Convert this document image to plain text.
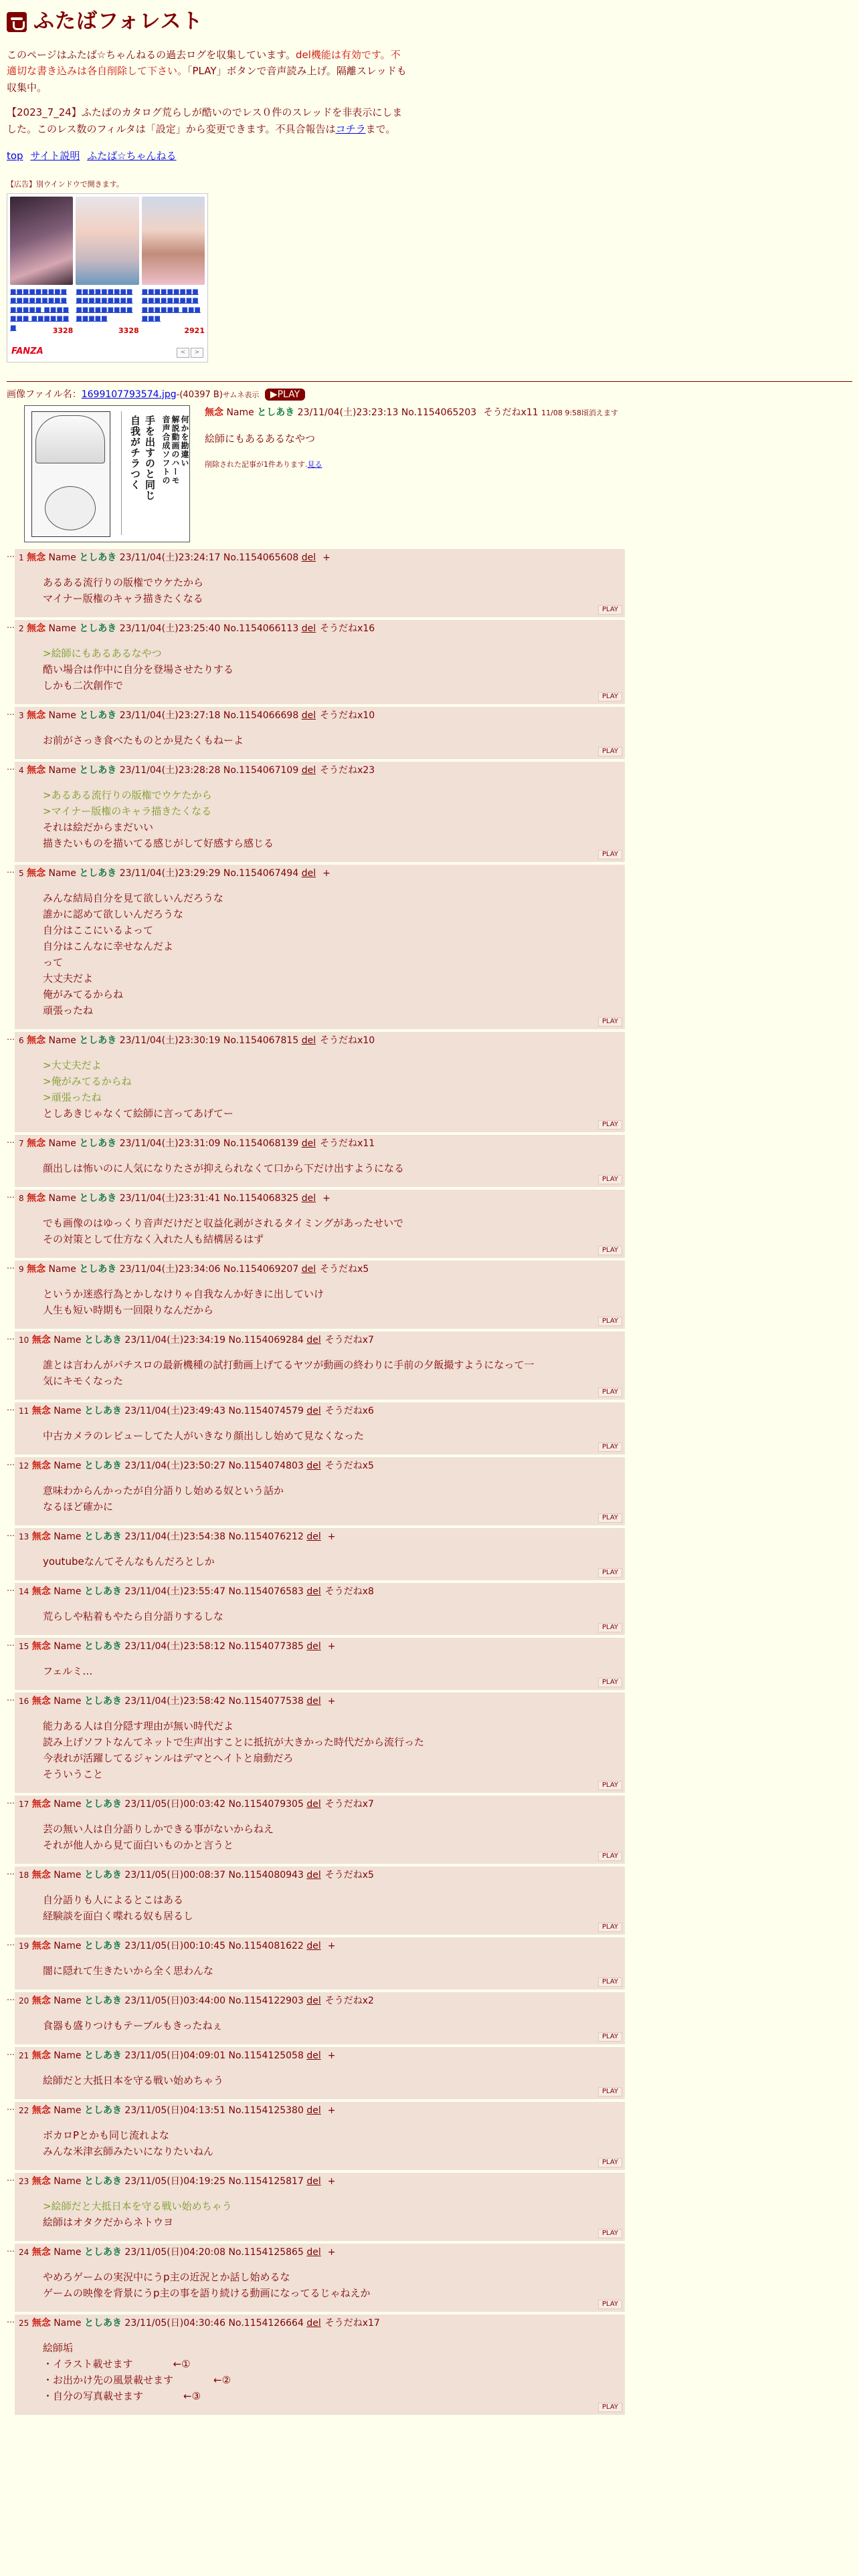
ふたばフォレスト

このページはふたば☆ちゃんねるの過去ログを収集しています。del機能は有効です。不適切な書き込みは各自削除して下さい。「PLAY」ボタンで音声読み上げ。隔離スレッドも収集中。

【2023_7_24】ふたばのカタログ荒らしが酷いのでレス０件のスレッドを非表示にしました。このレス数のフィルタは「設定」から変更できます。不具合報告はコチラまで。

top サイト説明 ふたば☆ちゃんねる
【広告】別ウインドウで開きます。
■■■■■■■■■■■■■■■■■■■■■■■ ■■■■■■■ ■■■■■■■	3328
■■■■■■■■■■■■■■■■■■■■■■■■■■■■■■■■
3328
■■■■■■■■■■■■■■■■■■■■■■■■ ■■■■■■
2921
FANZA	<	>
画像ファイル名：1699107793574.jpg-(40397 B)サムネ表示 ▶PLAY
自我がチラつく 手を出すのと同じ 音声合成ソフトの 解説動画のハーモ 何かを勘違い
無念 Name としあき 23/11/04(土)23:23:13 No.1154065203 そうだねx11 11/08 9:58頃消えます
絵師にもあるあるなやつ
削除された記事が1件あります.見る
… 1 無念 Name としあき 23/11/04(土)23:24:17 No.1154065608 del +
あるある流行りの版権でウケたから
マイナー版権のキャラ描きたくなる
PLAY
… 2 無念 Name としあき 23/11/04(土)23:25:40 No.1154066113 del そうだねx16
>絵師にもあるあるなやつ
酷い場合は作中に自分を登場させたりする
しかも二次創作で
PLAY
… 3 無念 Name としあき 23/11/04(土)23:27:18 No.1154066698 del そうだねx10
お前がさっき食べたものとか見たくもねーよ
PLAY
… 4 無念 Name としあき 23/11/04(土)23:28:28 No.1154067109 del そうだねx23
>あるある流行りの版権でウケたから
>マイナー版権のキャラ描きたくなる
それは絵だからまだいい
描きたいものを描いてる感じがして好感すら感じる
PLAY
… 5 無念 Name としあき 23/11/04(土)23:29:29 No.1154067494 del +
みんな結局自分を見て欲しいんだろうな
誰かに認めて欲しいんだろうな
自分はここにいるよって
自分はこんなに幸せなんだよ
って
大丈夫だよ
俺がみてるからね
頑張ったね
PLAY
… 6 無念 Name としあき 23/11/04(土)23:30:19 No.1154067815 del そうだねx10
>大丈夫だよ
>俺がみてるからね
>頑張ったね
としあきじゃなくて絵師に言ってあげてー
PLAY
… 7 無念 Name としあき 23/11/04(土)23:31:09 No.1154068139 del そうだねx11
顔出しは怖いのに人気になりたさが抑えられなくて口から下だけ出すようになる
PLAY
… 8 無念 Name としあき 23/11/04(土)23:31:41 No.1154068325 del +
でも画像のはゆっくり音声だけだと収益化剥がされるタイミングがあったせいで
その対策として仕方なく入れた人も結構居るはず
PLAY
… 9 無念 Name としあき 23/11/04(土)23:34:06 No.1154069207 del そうだねx5
というか迷惑行為とかしなけりゃ自我なんか好きに出していけ
人生も短い時期も一回限りなんだから
PLAY
… 10 無念 Name としあき 23/11/04(土)23:34:19 No.1154069284 del そうだねx7
誰とは言わんがパチスロの最新機種の試打動画上げてるヤツが動画の終わりに手前の夕飯撮すようになって一
気にキモくなった
PLAY
… 11 無念 Name としあき 23/11/04(土)23:49:43 No.1154074579 del そうだねx6
中古カメラのレビューしてた人がいきなり顔出しし始めて見なくなった
PLAY
… 12 無念 Name としあき 23/11/04(土)23:50:27 No.1154074803 del そうだねx5
意味わからんかったが自分語りし始める奴という話か
なるほど確かに
PLAY
… 13 無念 Name としあき 23/11/04(土)23:54:38 No.1154076212 del +
youtubeなんてそんなもんだろとしか
PLAY
… 14 無念 Name としあき 23/11/04(土)23:55:47 No.1154076583 del そうだねx8
荒らしや粘着もやたら自分語りするしな
PLAY
… 15 無念 Name としあき 23/11/04(土)23:58:12 No.1154077385 del +
フェルミ…
PLAY
… 16 無念 Name としあき 23/11/04(土)23:58:42 No.1154077538 del +
能力ある人は自分隠す理由が無い時代だよ
読み上げソフトなんてネットで生声出すことに抵抗が大きかった時代だから流行った
今表れが活躍してるジャンルはデマとヘイトと扇動だろ
そういうこと
PLAY
… 17 無念 Name としあき 23/11/05(日)00:03:42 No.1154079305 del そうだねx7
芸の無い人は自分語りしかできる事がないからねえ
それが他人から見て面白いものかと言うと
PLAY
… 18 無念 Name としあき 23/11/05(日)00:08:37 No.1154080943 del そうだねx5
自分語りも人によるとこはある
経験談を面白く喋れる奴も居るし
PLAY
… 19 無念 Name としあき 23/11/05(日)00:10:45 No.1154081622 del +
闇に隠れて生きたいから全く思わんな
PLAY
… 20 無念 Name としあき 23/11/05(日)03:44:00 No.1154122903 del そうだねx2
食器も盛りつけもテーブルもきったねぇ
PLAY
… 21 無念 Name としあき 23/11/05(日)04:09:01 No.1154125058 del +
絵師だと大抵日本を守る戦い始めちゃう
PLAY
… 22 無念 Name としあき 23/11/05(日)04:13:51 No.1154125380 del +
ボカロPとかも同じ流れよな
みんな米津玄師みたいになりたいねん
PLAY
… 23 無念 Name としあき 23/11/05(日)04:19:25 No.1154125817 del +
>絵師だと大抵日本を守る戦い始めちゃう
絵師はオタクだからネトウヨ
PLAY
… 24 無念 Name としあき 23/11/05(日)04:20:08 No.1154125865 del +
やめろゲームの実況中にうp主の近況とか話し始めるな
ゲームの映像を背景にうp主の事を語り続ける動画になってるじゃねえか
PLAY
… 25 無念 Name としあき 23/11/05(日)04:30:46 No.1154126664 del そうだねx17
絵師垢
・イラスト載せます	←①
・お出かけ先の風景載せます	←②
・自分の写真載せます	←③
PLAY
